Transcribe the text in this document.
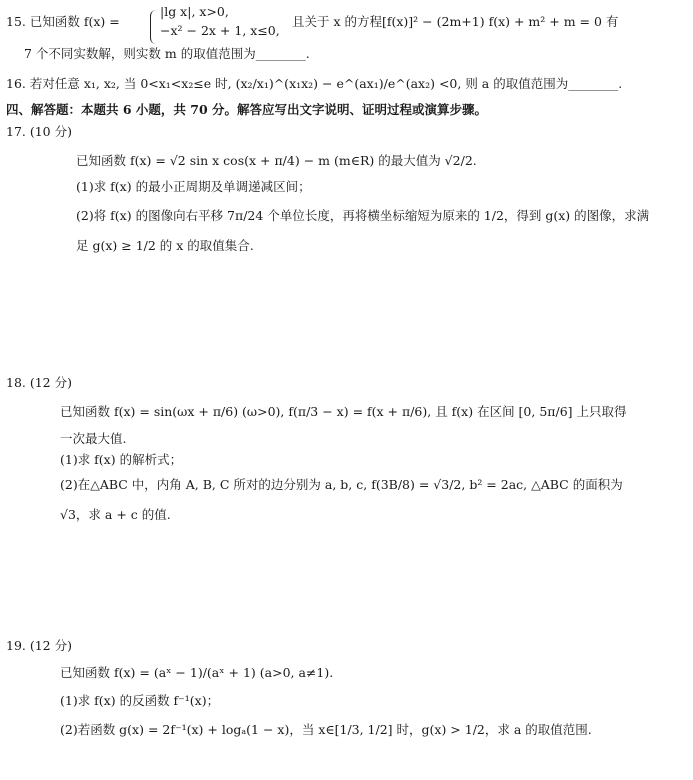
15. 已知函数 f(x) =
|lg x|, x>0,
−x² − 2x + 1, x≤0,
且关于 x 的方程[f(x)]² − (2m+1) f(x) + m² + m = 0 有
7 个不同实数解，则实数 m 的取值范围为________.
16. 若对任意 x₁, x₂, 当 0<x₁<x₂≤e 时, (x₂/x₁)^(x₁x₂) − e^(ax₁)/e^(ax₂) <0, 则 a 的取值范围为________.
四、解答题：本题共 6 小题，共 70 分。解答应写出文字说明、证明过程或演算步骤。
17. (10 分)
已知函数 f(x) = √2 sin x cos(x + π/4) − m (m∈R) 的最大值为 √2/2.
(1)求 f(x) 的最小正周期及单调递减区间；
(2)将 f(x) 的图像向右平移 7π/24 个单位长度，再将横坐标缩短为原来的 1/2，得到 g(x) 的图像，求满
足 g(x) ≥ 1/2 的 x 的取值集合.
18. (12 分)
已知函数 f(x) = sin(ωx + π/6) (ω>0), f(π/3 − x) = f(x + π/6), 且 f(x) 在区间 [0, 5π/6] 上只取得
一次最大值.
(1)求 f(x) 的解析式；
(2)在△ABC 中，内角 A, B, C 所对的边分别为 a, b, c, f(3B/8) = √3/2, b² = 2ac, △ABC 的面积为
√3，求 a + c 的值.
19. (12 分)
已知函数 f(x) = (aˣ − 1)/(aˣ + 1) (a>0, a≠1).
(1)求 f(x) 的反函数 f⁻¹(x)；
(2)若函数 g(x) = 2f⁻¹(x) + logₐ(1 − x)，当 x∈[1/3, 1/2] 时，g(x) > 1/2，求 a 的取值范围.
